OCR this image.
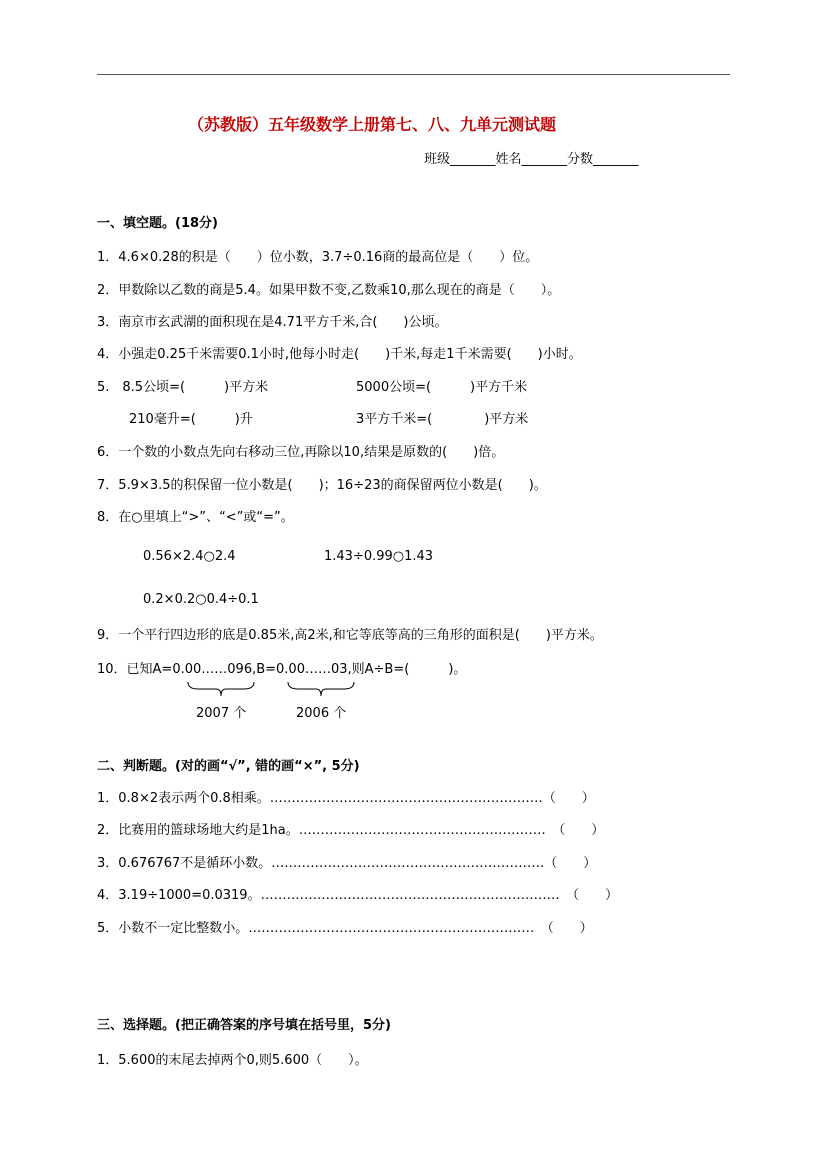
（苏教版）五年级数学上册第七、八、九单元测试题
班级_______姓名_______分数_______
一、填空题。(18分)
1．4.6×0.28的积是（　　）位小数，3.7÷0.16商的最高位是（　　）位。
2．甲数除以乙数的商是5.4。如果甲数不变,乙数乘10,那么现在的商是（　　）。
3．南京市玄武湖的面积现在是4.71平方千米,合(　　)公顷。
4．小强走0.25千米需要0.1小时,他每小时走(　　)千米,每走1千米需要(　　)小时。
5.　8.5公顷=(　　　)平方米	5000公顷=(　　　)平方千米
210毫升=(　　　)升	3平方千米=(　　　　)平方米
6．一个数的小数点先向右移动三位,再除以10,结果是原数的(　　)倍。
7．5.9×3.5的积保留一位小数是(　　)；16÷23的商保留两位小数是(　　)。
8．在○里填上“>”、“<”或“=”。
0.56×2.4○2.4	1.43÷0.99○1.43
0.2×0.2○0.4÷0.1
9．一个平行四边形的底是0.85米,高2米,和它等底等高的三角形的面积是(　　)平方米。
10．已知A=0.00……096,B=0.00……03,则A÷B=(　　　)。
2007 个	2006 个
二、判断题。(对的画“√”, 错的画“×”, 5分)
1．0.8×2表示两个0.8相乘。………………………………………………………（　　）
2．比赛用的篮球场地大约是1ha。…………………………………………………　（　　）
3．0.676767不是循环小数。………………………………………………………（　　）
4．3.19÷1000=0.0319。……………………………………………………………　（　　）
5．小数不一定比整数小。…………………………………………………………　（　　）
三、选择题。(把正确答案的序号填在括号里，5分)
1．5.600的末尾去掉两个0,则5.600（　　）。
